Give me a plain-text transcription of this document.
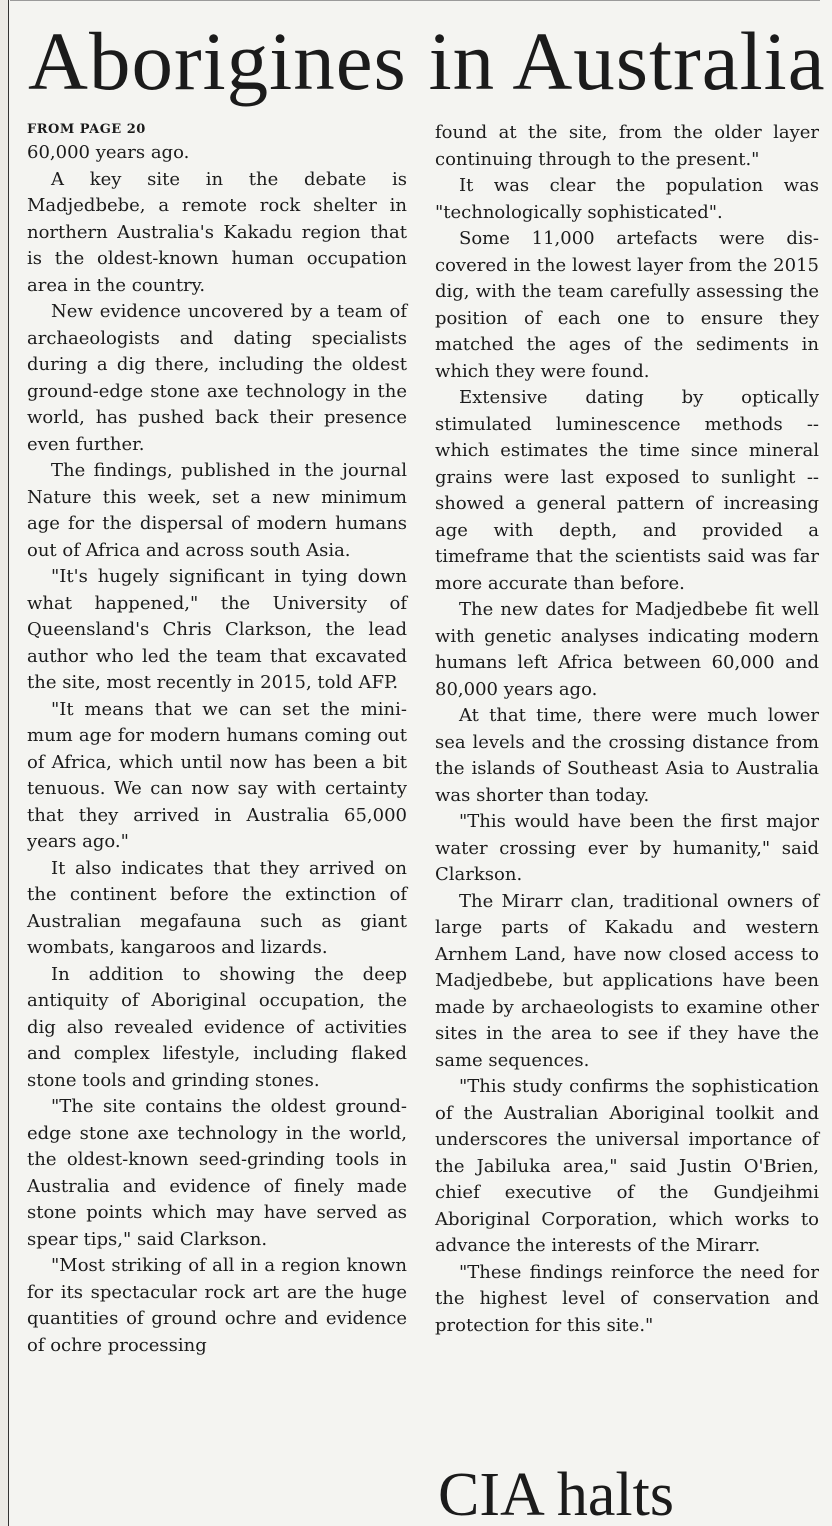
Aborigines in Australia
FROM PAGE 20

60,000 years ago.

A key site in the debate is Madjedbebe, a remote rock shelter in northern Australia's Kakadu region that is the oldest-known human occupation area in the country.

New evidence uncovered by a team of archaeologists and dating specialists during a dig there, including the oldest ground-edge stone axe technology in the world, has pushed back their presence even further.

The findings, published in the journal Nature this week, set a new minimum age for the dispersal of modern humans out of Africa and across south Asia.

"It's hugely significant in tying down what happened," the University of Queensland's Chris Clarkson, the lead author who led the team that excavated the site, most recently in 2015, told AFP.

"It means that we can set the minimum age for modern humans coming out of Africa, which until now has been a bit tenuous. We can now say with certainty that they arrived in Australia 65,000 years ago."

It also indicates that they arrived on the continent before the extinction of Australian megafauna such as giant wombats, kangaroos and lizards.

In addition to showing the deep antiquity of Aboriginal occupation, the dig also revealed evidence of activities and complex lifestyle, including flaked stone tools and grinding stones.

"The site contains the oldest ground-edge stone axe technology in the world, the oldest-known seed-grinding tools in Australia and evidence of finely made stone points which may have served as spear tips," said Clarkson.

"Most striking of all in a region known for its spectacular rock art are the huge quantities of ground ochre and evidence of ochre processing

found at the site, from the older layer continuing through to the present."

It was clear the population was "technologically sophisticated".

Some 11,000 artefacts were discovered in the lowest layer from the 2015 dig, with the team carefully assessing the position of each one to ensure they matched the ages of the sediments in which they were found.

Extensive dating by optically stimulated luminescence methods -- which estimates the time since mineral grains were last exposed to sunlight -- showed a general pattern of increasing age with depth, and provided a timeframe that the scientists said was far more accurate than before.

The new dates for Madjedbebe fit well with genetic analyses indicating modern humans left Africa between 60,000 and 80,000 years ago.

At that time, there were much lower sea levels and the crossing distance from the islands of Southeast Asia to Australia was shorter than today.

"This would have been the first major water crossing ever by humanity," said Clarkson.

The Mirarr clan, traditional owners of large parts of Kakadu and western Arnhem Land, have now closed access to Madjedbebe, but applications have been made by archaeologists to examine other sites in the area to see if they have the same sequences.

"This study confirms the sophistication of the Australian Aboriginal toolkit and underscores the universal importance of the Jabiluka area," said Justin O'Brien, chief executive of the Gundjeihmi Aboriginal Corporation, which works to advance the interests of the Mirarr.

"These findings reinforce the need for the highest level of conservation and protection for this site."

CIA halts
